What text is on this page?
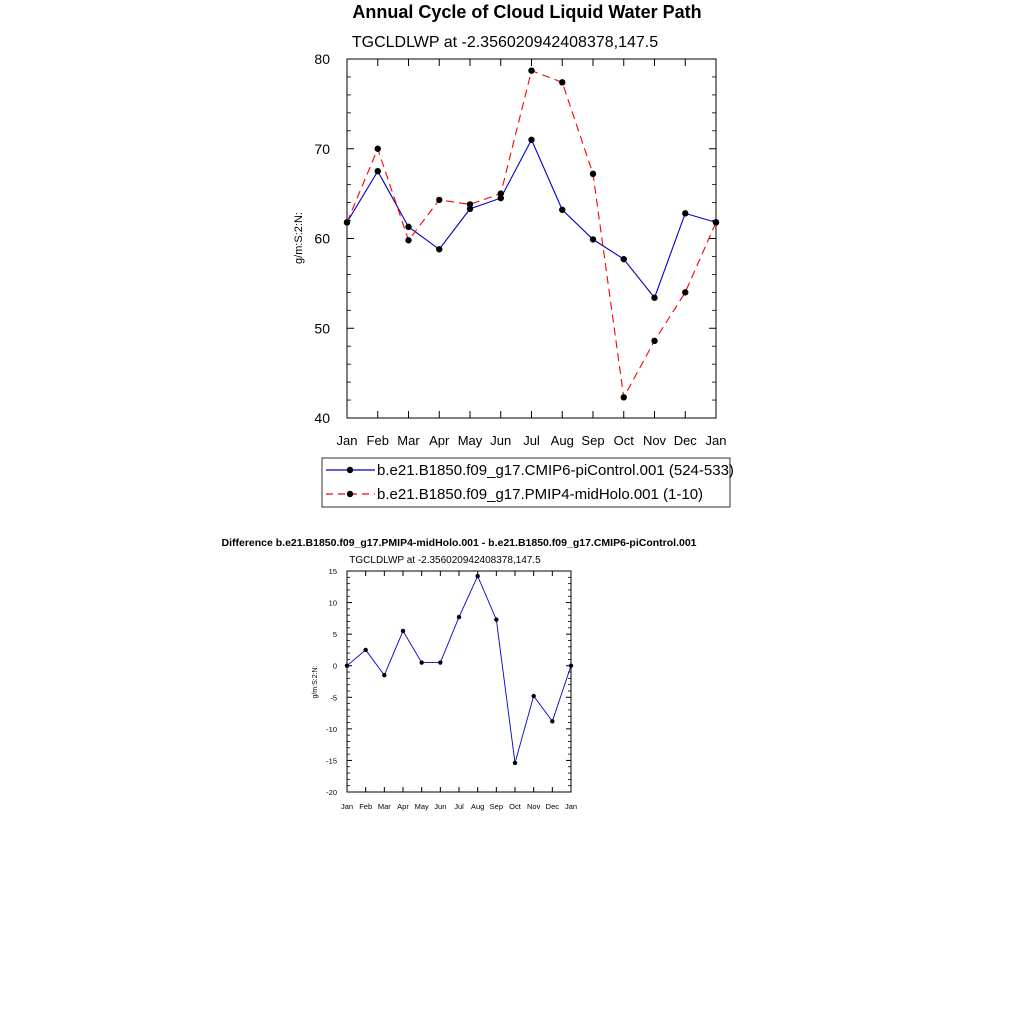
Annual Cycle of Cloud Liquid Water Path
TGCLDLWP at -2.356020942408378,147.5
g/m:S:2:N:
Jan Feb Mar Apr May Jun Jul Aug Sep Oct Nov Dec Jan
40
50
60
70
80
b.e21.B1850.f09_g17.CMIP6-piControl.001 (524-533)
b.e21.B1850.f09_g17.PMIP4-midHolo.001 (1-10)
Difference b.e21.B1850.f09_g17.PMIP4-midHolo.001 - b.e21.B1850.f09_g17.CMIP6-piControl.001
TGCLDLWP at -2.356020942408378,147.5
g/m:S:2:N:
Jan Feb Mar Apr May Jun Jul Aug Sep Oct Nov Dec Jan
-20
-15
-10
-5
0
5
10
15
